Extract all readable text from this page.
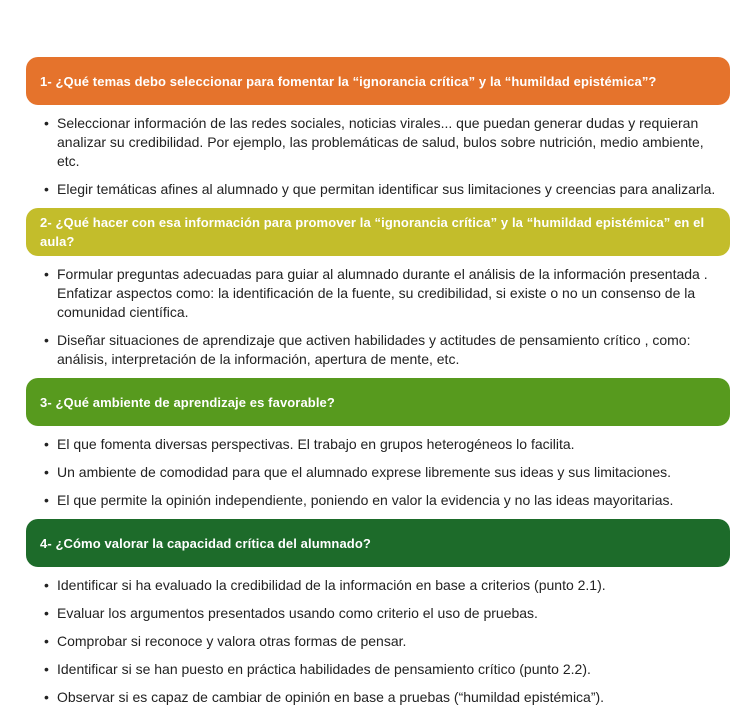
1- ¿Qué temas debo seleccionar para fomentar la “ignorancia crítica” y la “humildad epistémica”?
• Seleccionar información de las redes sociales, noticias virales... que puedan generar dudas y requieran analizar su credibilidad. Por ejemplo, las problemáticas de salud, bulos sobre nutrición, medio ambiente, etc.
• Elegir temáticas afines al alumnado y que permitan identificar sus limitaciones y creencias para analizarla.
2- ¿Qué hacer con esa información para promover la “ignorancia crítica” y la “humildad epistémica” en el aula?
• Formular preguntas adecuadas para guiar al alumnado durante el análisis de la información presentada . Enfatizar aspectos como: la identificación de la fuente, su credibilidad, si existe o no un consenso de la comunidad científica.
• Diseñar situaciones de aprendizaje que activen habilidades y actitudes de pensamiento crítico , como: análisis, interpretación de la información, apertura de mente, etc.
3- ¿Qué ambiente de aprendizaje es favorable?
• El que fomenta diversas perspectivas. El trabajo en grupos heterogéneos lo facilita.
• Un ambiente de comodidad para que el alumnado exprese libremente sus ideas y sus limitaciones.
• El que permite la opinión independiente, poniendo en valor la evidencia y no las ideas mayoritarias.
4- ¿Cómo valorar la capacidad crítica del alumnado?
• Identificar si ha evaluado la credibilidad de la información en base a criterios (punto 2.1).
• Evaluar los argumentos presentados usando como criterio el uso de pruebas.
• Comprobar si reconoce y valora otras formas de pensar.
• Identificar si se han puesto en práctica habilidades de pensamiento crítico (punto 2.2).
• Observar si es capaz de cambiar de opinión en base a pruebas (“humildad epistémica”).
